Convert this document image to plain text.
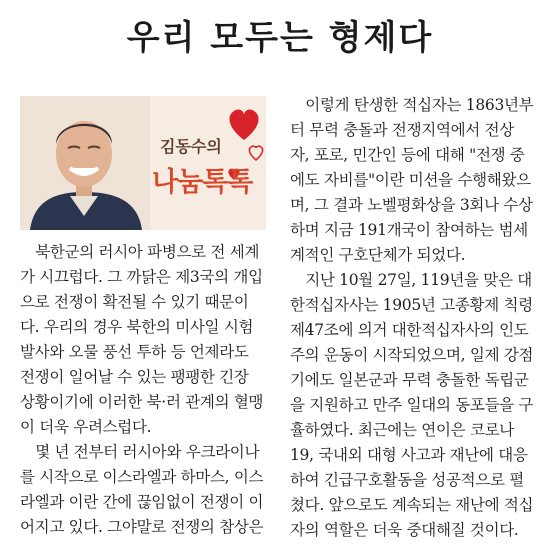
우리 모두는 형제다
김동수의
나눔톡톡
　북한군의 러시아 파병으로 전 세계
가 시끄럽다. 그 까닭은 제3국의 개입
으로 전쟁이 확전될 수 있기 때문이
다. 우리의 경우 북한의 미사일 시험
발사와 오물 풍선 투하 등 언제라도
전쟁이 일어날 수 있는 팽팽한 긴장
상황이기에 이러한 북·러 관계의 혈맹
이 더욱 우려스럽다.
　몇 년 전부터 러시아와 우크라이나
를 시작으로 이스라엘과 하마스, 이스
라엘과 이란 간에 끊임없이 전쟁이 이
어지고 있다. 그야말로 전쟁의 참상은
　이렇게 탄생한 적십자는 1863년부
터 무력 충돌과 전쟁지역에서 전상
자, 포로, 민간인 등에 대해 "전쟁 중
에도 자비를"이란 미션을 수행해왔으
며, 그 결과 노벨평화상을 3회나 수상
하며 지금 191개국이 참여하는 범세
계적인 구호단체가 되었다.
　지난 10월 27일, 119년을 맞은 대
한적십자사는 1905년 고종황제 칙령
제47조에 의거 대한적십자사의 인도
주의 운동이 시작되었으며, 일제 강점
기에도 일본군과 무력 충돌한 독립군
을 지원하고 만주 일대의 동포들을 구
휼하였다. 최근에는 연이은 코로나
19, 국내외 대형 사고과 재난에 대응
하여 긴급구호활동을 성공적으로 펼
쳤다. 앞으로도 계속되는 재난에 적십
자의 역할은 더욱 중대해질 것이다.
